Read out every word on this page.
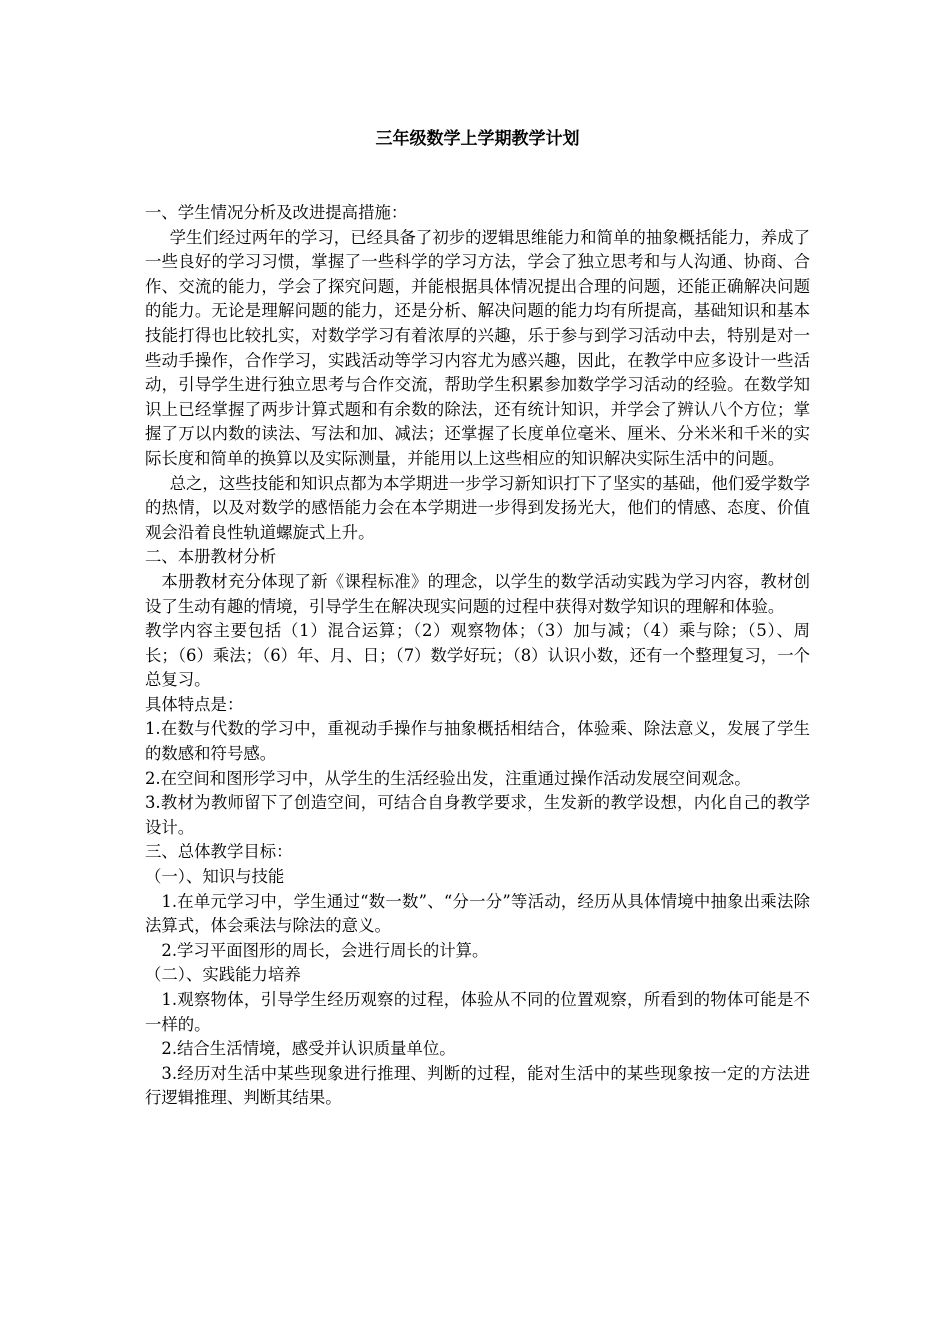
三年级数学上学期教学计划

一、学生情况分析及改进提高措施：

学生们经过两年的学习，已经具备了初步的逻辑思维能力和简单的抽象概括能力，养成了一些良好的学习习惯，掌握了一些科学的学习方法，学会了独立思考和与人沟通、协商、合作、交流的能力，学会了探究问题，并能根据具体情况提出合理的问题，还能正确解决问题的能力。无论是理解问题的能力，还是分析、解决问题的能力均有所提高，基础知识和基本技能打得也比较扎实，对数学学习有着浓厚的兴趣，乐于参与到学习活动中去，特别是对一些动手操作，合作学习，实践活动等学习内容尤为感兴趣，因此，在教学中应多设计一些活动，引导学生进行独立思考与合作交流，帮助学生积累参加数学学习活动的经验。在数学知识上已经掌握了两步计算式题和有余数的除法，还有统计知识，并学会了辨认八个方位；掌握了万以内数的读法、写法和加、减法；还掌握了长度单位毫米、厘米、分米米和千米的实际长度和简单的换算以及实际测量，并能用以上这些相应的知识解决实际生活中的问题。

总之，这些技能和知识点都为本学期进一步学习新知识打下了坚实的基础，他们爱学数学的热情，以及对数学的感悟能力会在本学期进一步得到发扬光大，他们的情感、态度、价值观会沿着良性轨道螺旋式上升。

二、本册教材分析

本册教材充分体现了新《课程标准》的理念，以学生的数学活动实践为学习内容，教材创设了生动有趣的情境，引导学生在解决现实问题的过程中获得对数学知识的理解和体验。

教学内容主要包括（1）混合运算；（2）观察物体；（3）加与减；（4）乘与除；（5）、周长；（6）乘法；（6）年、月、日；（7）数学好玩；（8）认识小数，还有一个整理复习，一个总复习。

具体特点是：

1.在数与代数的学习中，重视动手操作与抽象概括相结合，体验乘、除法意义，发展了学生的数感和符号感。

2.在空间和图形学习中，从学生的生活经验出发，注重通过操作活动发展空间观念。

3.教材为教师留下了创造空间，可结合自身教学要求，生发新的教学设想，内化自己的教学设计。

三、总体教学目标：

（一）、知识与技能

1.在单元学习中，学生通过“数一数”、“分一分”等活动，经历从具体情境中抽象出乘法除法算式，体会乘法与除法的意义。

2.学习平面图形的周长，会进行周长的计算。

（二）、实践能力培养

1.观察物体，引导学生经历观察的过程，体验从不同的位置观察，所看到的物体可能是不一样的。

2.结合生活情境，感受并认识质量单位。

3.经历对生活中某些现象进行推理、判断的过程，能对生活中的某些现象按一定的方法进行逻辑推理、判断其结果。
